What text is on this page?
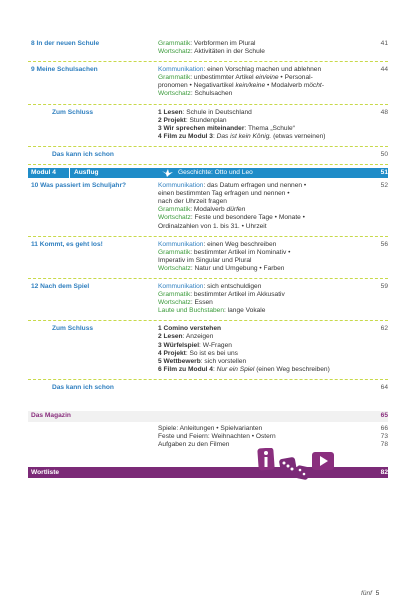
8 In der neuen Schule	Grammatik: Verbformen im Plural
Wortschatz: Aktivitäten in der Schule
41
9 Meine Schulsachen	Kommunikation: einen Vorschlag machen und ablehnen
Grammatik: unbestimmter Artikel ein/eine • Personal-
pronomen • Negativartikel kein/keine • Modalverb möcht-
Wortschatz: Schulsachen
44
Zum Schluss	1 Lesen: Schule in Deutschland
2 Projekt: Stundenplan
3 Wir sprechen miteinander: Thema „Schule“
4 Film zu Modul 3: Das ist kein König. (etwas verneinen)
48
Das kann ich schon
	50
Modul 4	Ausflug	Geschichte: Otto und Leo	51
10 Was passiert im Schuljahr?	Kommunikation: das Datum erfragen und nennen •
einen bestimmten Tag erfragen und nennen •
nach der Uhrzeit fragen
Grammatik: Modalverb dürfen
Wortschatz: Feste und besondere Tage • Monate •
Ordinalzahlen von 1. bis 31. • Uhrzeit
52
11 Kommt, es geht los!	Kommunikation: einen Weg beschreiben
Grammatik: bestimmter Artikel im Nominativ •
Imperativ im Singular und Plural
Wortschatz: Natur und Umgebung • Farben
56
12 Nach dem Spiel	Kommunikation: sich entschuldigen
Grammatik: bestimmter Artikel im Akkusativ
Wortschatz: Essen
Laute und Buchstaben: lange Vokale
59
Zum Schluss	1 Comino verstehen
2 Lesen: Anzeigen
3 Würfelspiel: W-Fragen
4 Projekt: So ist es bei uns
5 Wettbewerb: sich vorstellen
6 Film zu Modul 4: Nur ein Spiel (einen Weg beschreiben)
62
Das kann ich schon
	64
Das Magazin	65
Spiele: Anleitungen • Spielvarianten	66
Feste und Feiern: Weihnachten • Ostern	73
Aufgaben zu den Filmen	78
Wortliste	82
fünf 5
